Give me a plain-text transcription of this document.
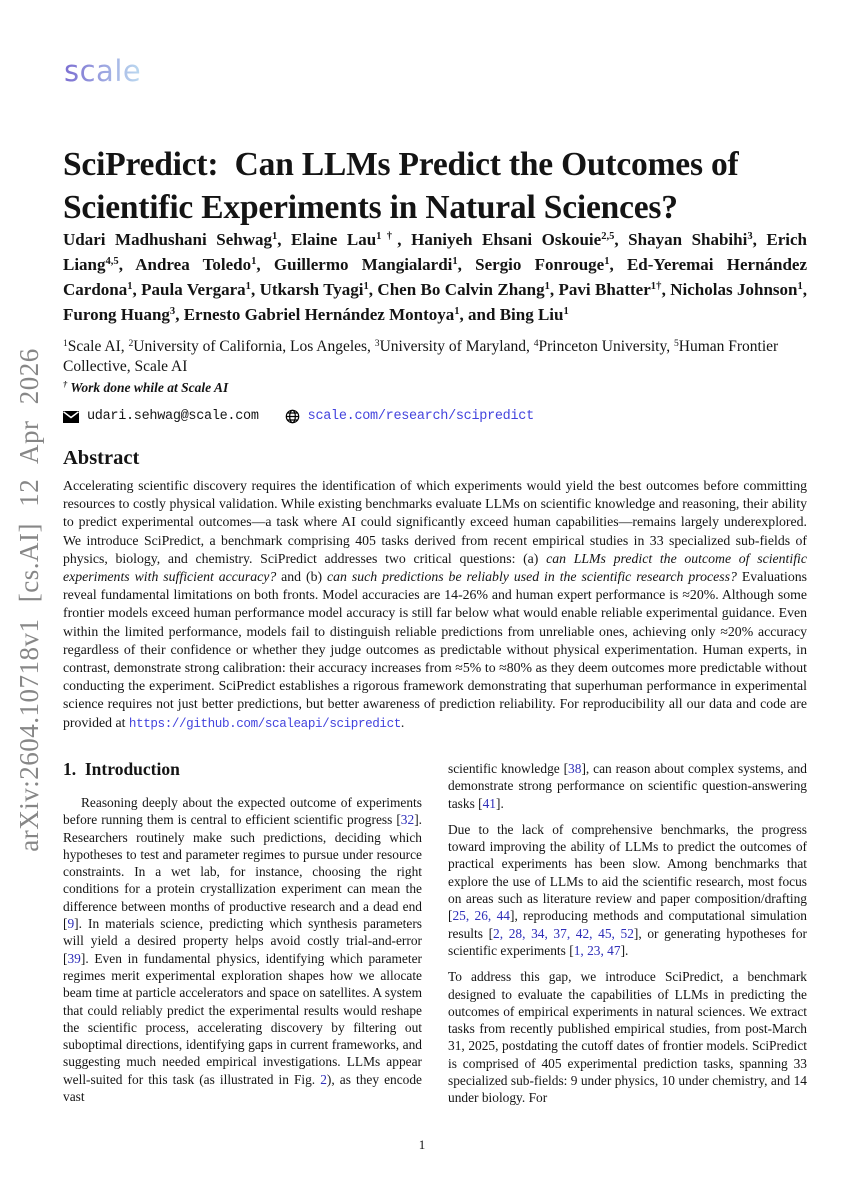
arXiv:2604.10718v1 [cs.AI] 12 Apr 2026
scale
SciPredict:  Can LLMs Predict the Outcomes of
Scientific Experiments in Natural Sciences?

Udari Madhushani Sehwag$^1$, Elaine Lau$^{1\dagger}$, Haniyeh Ehsani Oskouie$^{2,5}$, Shayan Shabihi$^3$, Erich Liang$^{4,5}$, Andrea Toledo$^1$, Guillermo Mangialardi$^1$, Sergio Fonrouge$^1$, Ed-Yeremai Hernández Cardona$^1$, Paula Vergara$^1$, Utkarsh Tyagi$^1$, Chen Bo Calvin Zhang$^1$, Pavi Bhatter$^{1\dagger}$, Nicholas Johnson$^1$, Furong Huang$^3$, Ernesto Gabriel Hernández Montoya$^1$, and Bing Liu$^1$

$^1$Scale AI, $^2$University of California, Los Angeles, $^3$University of Maryland, $^4$Princeton University, $^5$Human Frontier Collective, Scale AI

† Work done while at Scale AI

udari.sehwag@scale.com	scale.com/research/scipredict
Abstract

Accelerating scientific discovery requires the identification of which experiments would yield the best outcomes before committing resources to costly physical validation. While existing benchmarks evaluate LLMs on scientific knowledge and reasoning, their ability to predict experimental outcomes—a task where AI could significantly exceed human capabilities—remains largely underexplored. We introduce SciPredict, a benchmark comprising 405 tasks derived from recent empirical studies in 33 specialized sub-fields of physics, biology, and chemistry. SciPredict addresses two critical questions: (a) can LLMs predict the outcome of scientific experiments with sufficient accuracy? and (b) can such predictions be reliably used in the scientific research process? Evaluations reveal fundamental limitations on both fronts. Model accuracies are 14-26% and human expert performance is ≈20%. Although some frontier models exceed human performance model accuracy is still far below what would enable reliable experimental guidance. Even within the limited performance, models fail to distinguish reliable predictions from unreliable ones, achieving only ≈20% accuracy regardless of their confidence or whether they judge outcomes as predictable without physical experimentation. Human experts, in contrast, demonstrate strong calibration: their accuracy increases from ≈5% to ≈80% as they deem outcomes more predictable without conducting the experiment. SciPredict establishes a rigorous framework demonstrating that superhuman performance in experimental science requires not just better predictions, but better awareness of prediction reliability. For reproducibility all our data and code are provided at https://github.com/scaleapi/scipredict.

1.  Introduction

Reasoning deeply about the expected outcome of experiments before running them is central to efficient scientific progress [32]. Researchers routinely make such predictions, deciding which hypotheses to test and parameter regimes to pursue under resource constraints. In a wet lab, for instance, choosing the right conditions for a protein crystallization experiment can mean the difference between months of productive research and a dead end [9]. In materials science, predicting which synthesis parameters will yield a desired property helps avoid costly trial-and-error [39]. Even in fundamental physics, identifying which parameter regimes merit experimental exploration shapes how we allocate beam time at particle accelerators and space on satellites. A system that could reliably predict the experimental results would reshape the scientific process, accelerating discovery by filtering out suboptimal directions, identifying gaps in current frameworks, and suggesting much needed empirical investigations. LLMs appear well-suited for this task (as illustrated in Fig. 2), as they encode vast

scientific knowledge [38], can reason about complex systems, and demonstrate strong performance on scientific question-answering tasks [41].

Due to the lack of comprehensive benchmarks, the progress toward improving the ability of LLMs to predict the outcomes of practical experiments has been slow. Among benchmarks that explore the use of LLMs to aid the scientific research, most focus on areas such as literature review and paper composition/drafting [25, 26, 44], reproducing methods and computational simulation results [2, 28, 34, 37, 42, 45, 52], or generating hypotheses for scientific experiments [1, 23, 47].

To address this gap, we introduce SciPredict, a benchmark designed to evaluate the capabilities of LLMs in predicting the outcomes of empirical experiments in natural sciences. We extract tasks from recently published empirical studies, from post-March 31, 2025, postdating the cutoff dates of frontier models. SciPredict is comprised of 405 experimental prediction tasks, spanning 33 specialized sub-fields: 9 under physics, 10 under chemistry, and 14 under biology. For

1
